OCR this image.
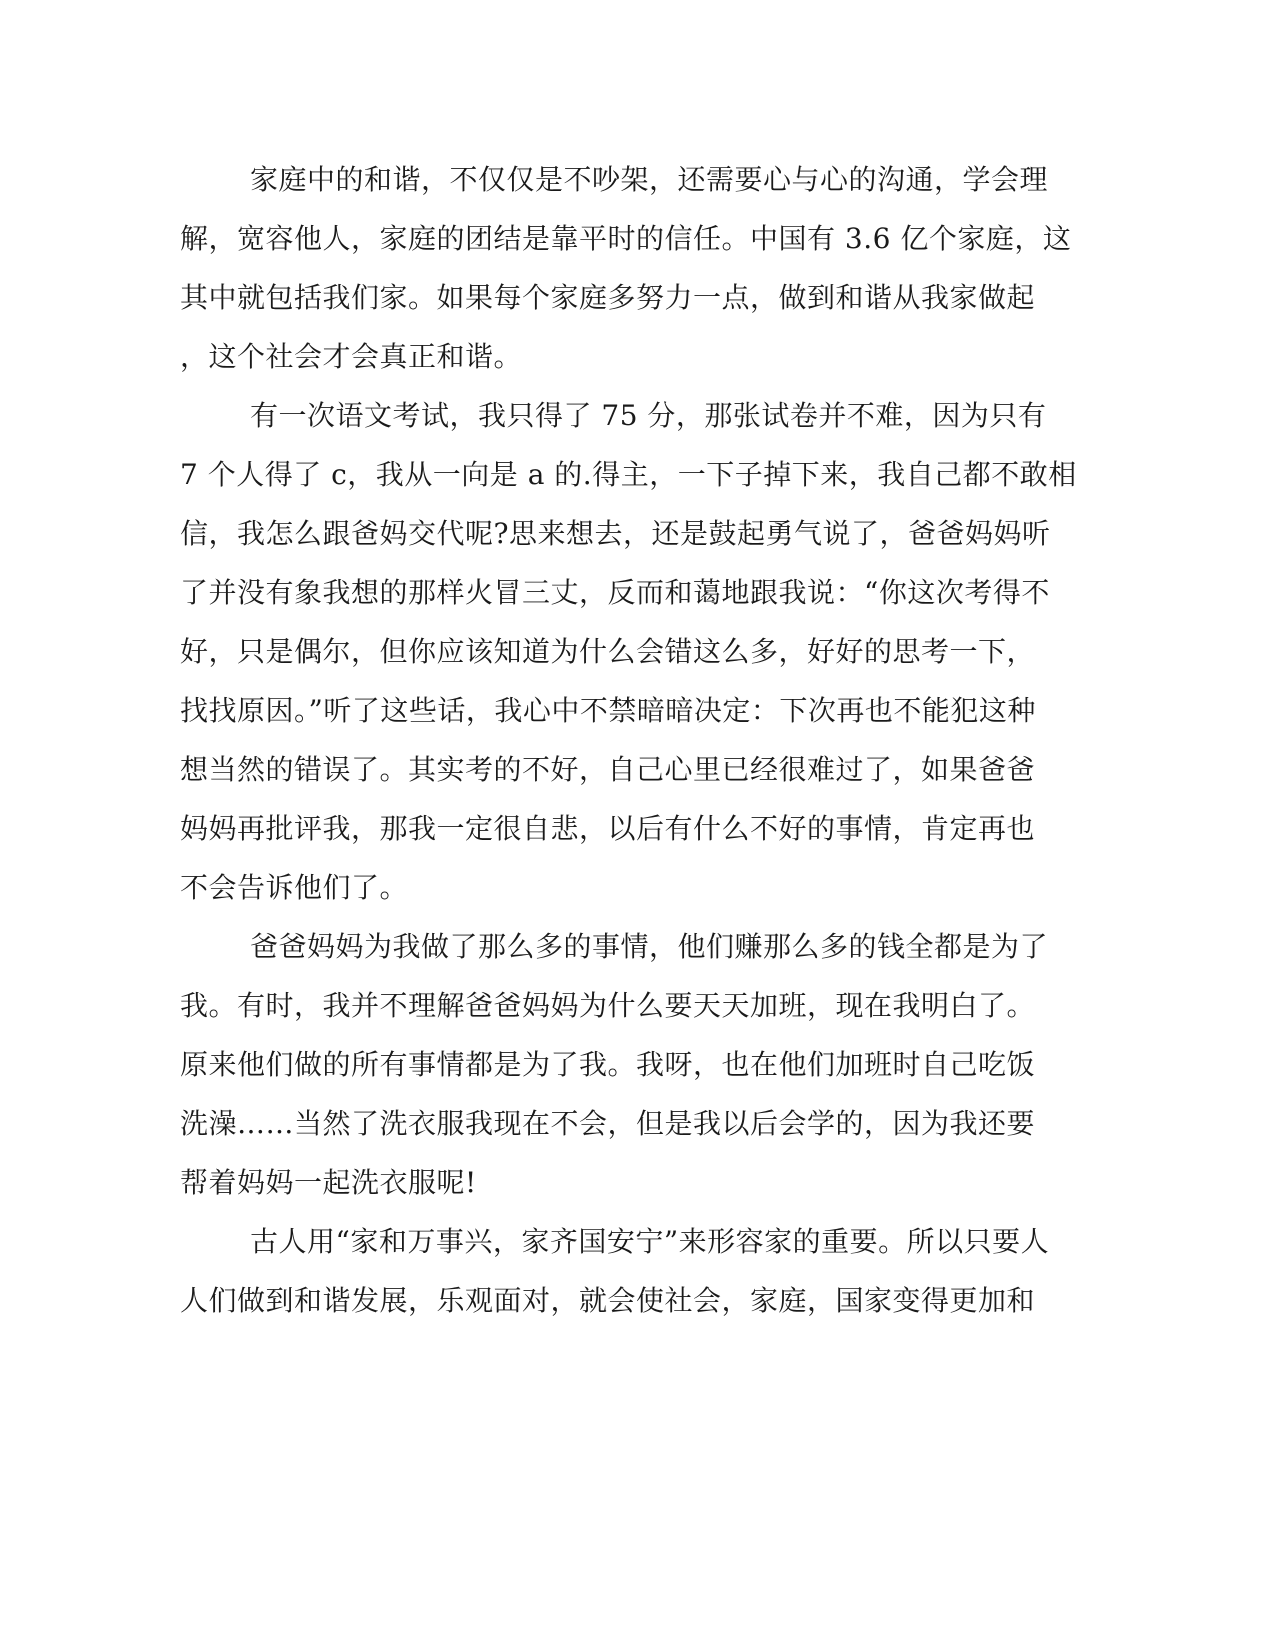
家庭中的和谐，不仅仅是不吵架，还需要心与心的沟通，学会理
解，宽容他人，家庭的团结是靠平时的信任。中国有 3.6 亿个家庭，这
其中就包括我们家。如果每个家庭多努力一点，做到和谐从我家做起
，这个社会才会真正和谐。
有一次语文考试，我只得了 75 分，那张试卷并不难，因为只有
7 个人得了 c，我从一向是 a 的.得主，一下子掉下来，我自己都不敢相
信，我怎么跟爸妈交代呢?思来想去，还是鼓起勇气说了，爸爸妈妈听
了并没有象我想的那样火冒三丈，反而和蔼地跟我说：“你这次考得不
好，只是偶尔，但你应该知道为什么会错这么多，好好的思考一下，
找找原因。”听了这些话，我心中不禁暗暗决定：下次再也不能犯这种
想当然的错误了。其实考的不好，自己心里已经很难过了，如果爸爸
妈妈再批评我，那我一定很自悲，以后有什么不好的事情，肯定再也
不会告诉他们了。
爸爸妈妈为我做了那么多的事情，他们赚那么多的钱全都是为了
我。有时，我并不理解爸爸妈妈为什么要天天加班，现在我明白了。
原来他们做的所有事情都是为了我。我呀，也在他们加班时自己吃饭
洗澡……当然了洗衣服我现在不会，但是我以后会学的，因为我还要
帮着妈妈一起洗衣服呢!
古人用“家和万事兴，家齐国安宁”来形容家的重要。所以只要人
人们做到和谐发展，乐观面对，就会使社会，家庭，国家变得更加和
